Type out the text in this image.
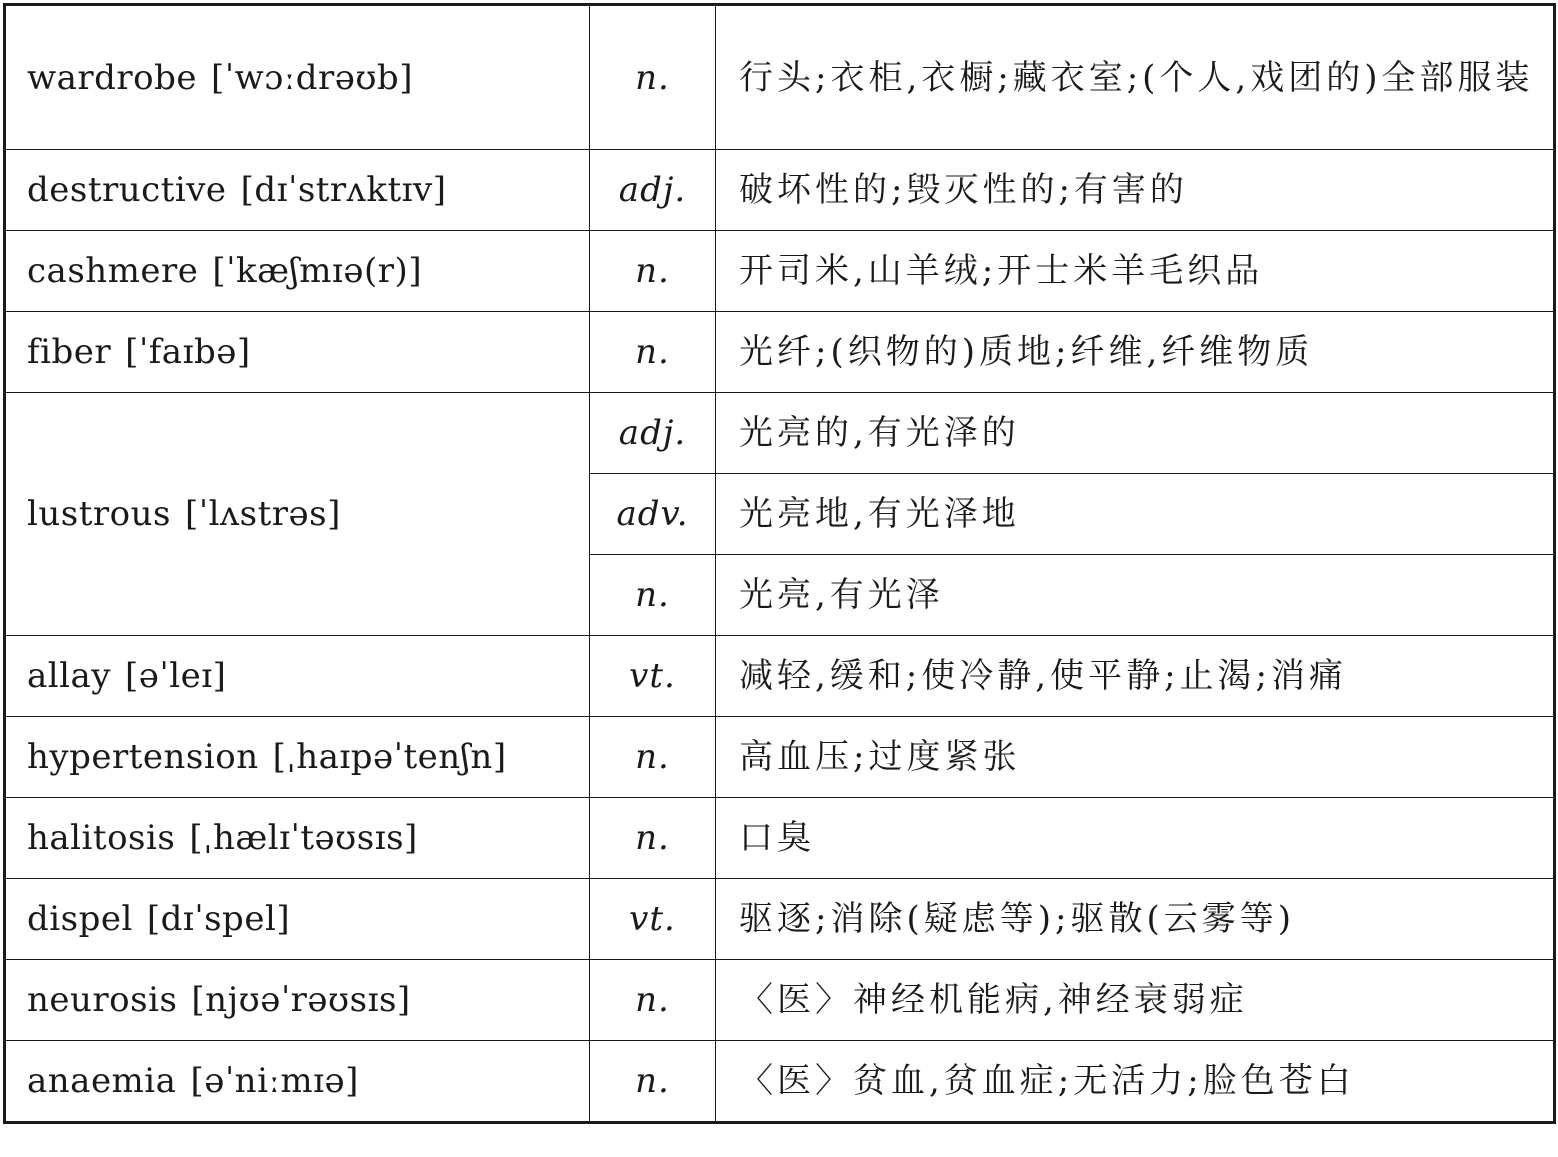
wardrobe [ˈwɔːdrəʊb]	n.	行头;衣柜,衣橱;藏衣室;(个人,戏团的)全部服装
destructive [dɪˈstrʌktɪv]	adj.	破坏性的;毁灭性的;有害的
cashmere [ˈkæʃmɪə(r)]	n.	开司米,山羊绒;开士米羊毛织品
fiber [ˈfaɪbə]	n.	光纤;(织物的)质地;纤维,纤维物质
lustrous [ˈlʌstrəs]	adj.	光亮的,有光泽的
	adv.	光亮地,有光泽地
	n.	光亮,有光泽
allay [əˈleɪ]	vt.	减轻,缓和;使冷静,使平静;止渴;消痛
hypertension [ˌhaɪpəˈtenʃn]	n.	高血压;过度紧张
halitosis [ˌhælɪˈtəʊsɪs]	n.	口臭
dispel [dɪˈspel]	vt.	驱逐;消除(疑虑等);驱散(云雾等)
neurosis [njʊəˈrəʊsɪs]	n.	〈医〉神经机能病,神经衰弱症
anaemia [əˈniːmɪə]	n.	〈医〉贫血,贫血症;无活力;脸色苍白
